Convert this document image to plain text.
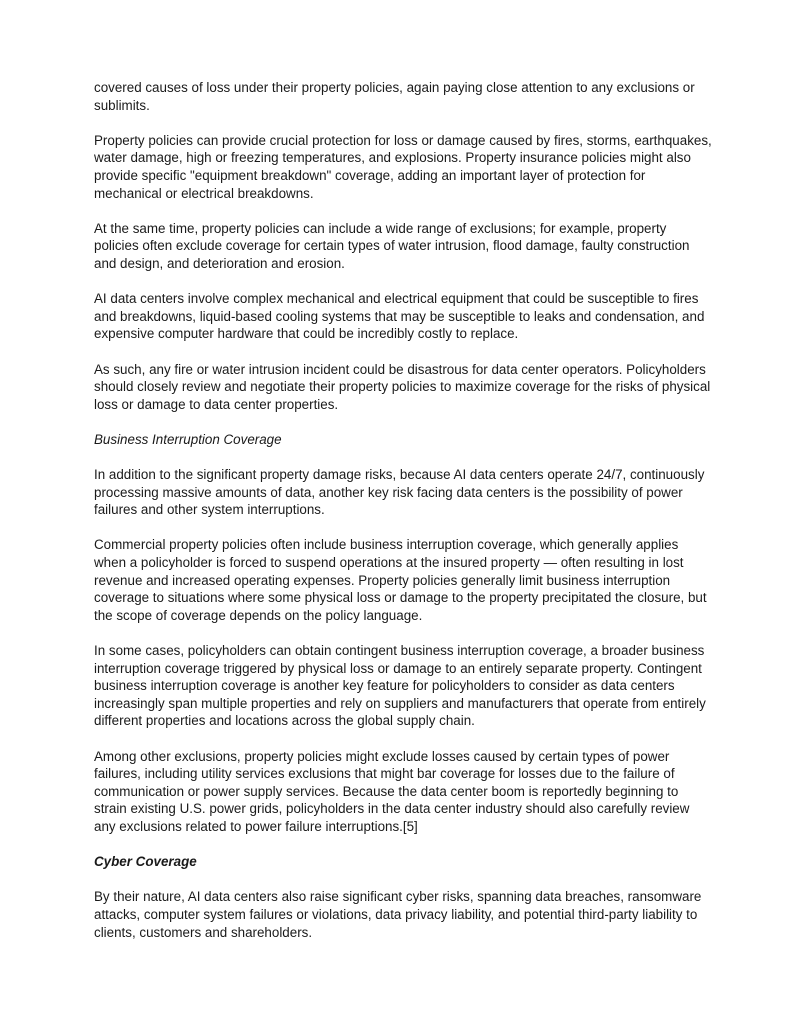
covered causes of loss under their property policies, again paying close attention to any exclusions or sublimits.

Property policies can provide crucial protection for loss or damage caused by fires, storms, earthquakes, water damage, high or freezing temperatures, and explosions. Property insurance policies might also provide specific "equipment breakdown" coverage, adding an important layer of protection for mechanical or electrical breakdowns.

At the same time, property policies can include a wide range of exclusions; for example, property policies often exclude coverage for certain types of water intrusion, flood damage, faulty construction and design, and deterioration and erosion.

AI data centers involve complex mechanical and electrical equipment that could be susceptible to fires and breakdowns, liquid-based cooling systems that may be susceptible to leaks and condensation, and expensive computer hardware that could be incredibly costly to replace.

As such, any fire or water intrusion incident could be disastrous for data center operators. Policyholders should closely review and negotiate their property policies to maximize coverage for the risks of physical loss or damage to data center properties.

Business Interruption Coverage

In addition to the significant property damage risks, because AI data centers operate 24/7, continuously processing massive amounts of data, another key risk facing data centers is the possibility of power failures and other system interruptions.

Commercial property policies often include business interruption coverage, which generally applies when a policyholder is forced to suspend operations at the insured property — often resulting in lost revenue and increased operating expenses. Property policies generally limit business interruption coverage to situations where some physical loss or damage to the property precipitated the closure, but the scope of coverage depends on the policy language.

In some cases, policyholders can obtain contingent business interruption coverage, a broader business interruption coverage triggered by physical loss or damage to an entirely separate property. Contingent business interruption coverage is another key feature for policyholders to consider as data centers increasingly span multiple properties and rely on suppliers and manufacturers that operate from entirely different properties and locations across the global supply chain.

Among other exclusions, property policies might exclude losses caused by certain types of power failures, including utility services exclusions that might bar coverage for losses due to the failure of communication or power supply services. Because the data center boom is reportedly beginning to strain existing U.S. power grids, policyholders in the data center industry should also carefully review any exclusions related to power failure interruptions.[5]

Cyber Coverage

By their nature, AI data centers also raise significant cyber risks, spanning data breaches, ransomware attacks, computer system failures or violations, data privacy liability, and potential third-party liability to clients, customers and shareholders.
